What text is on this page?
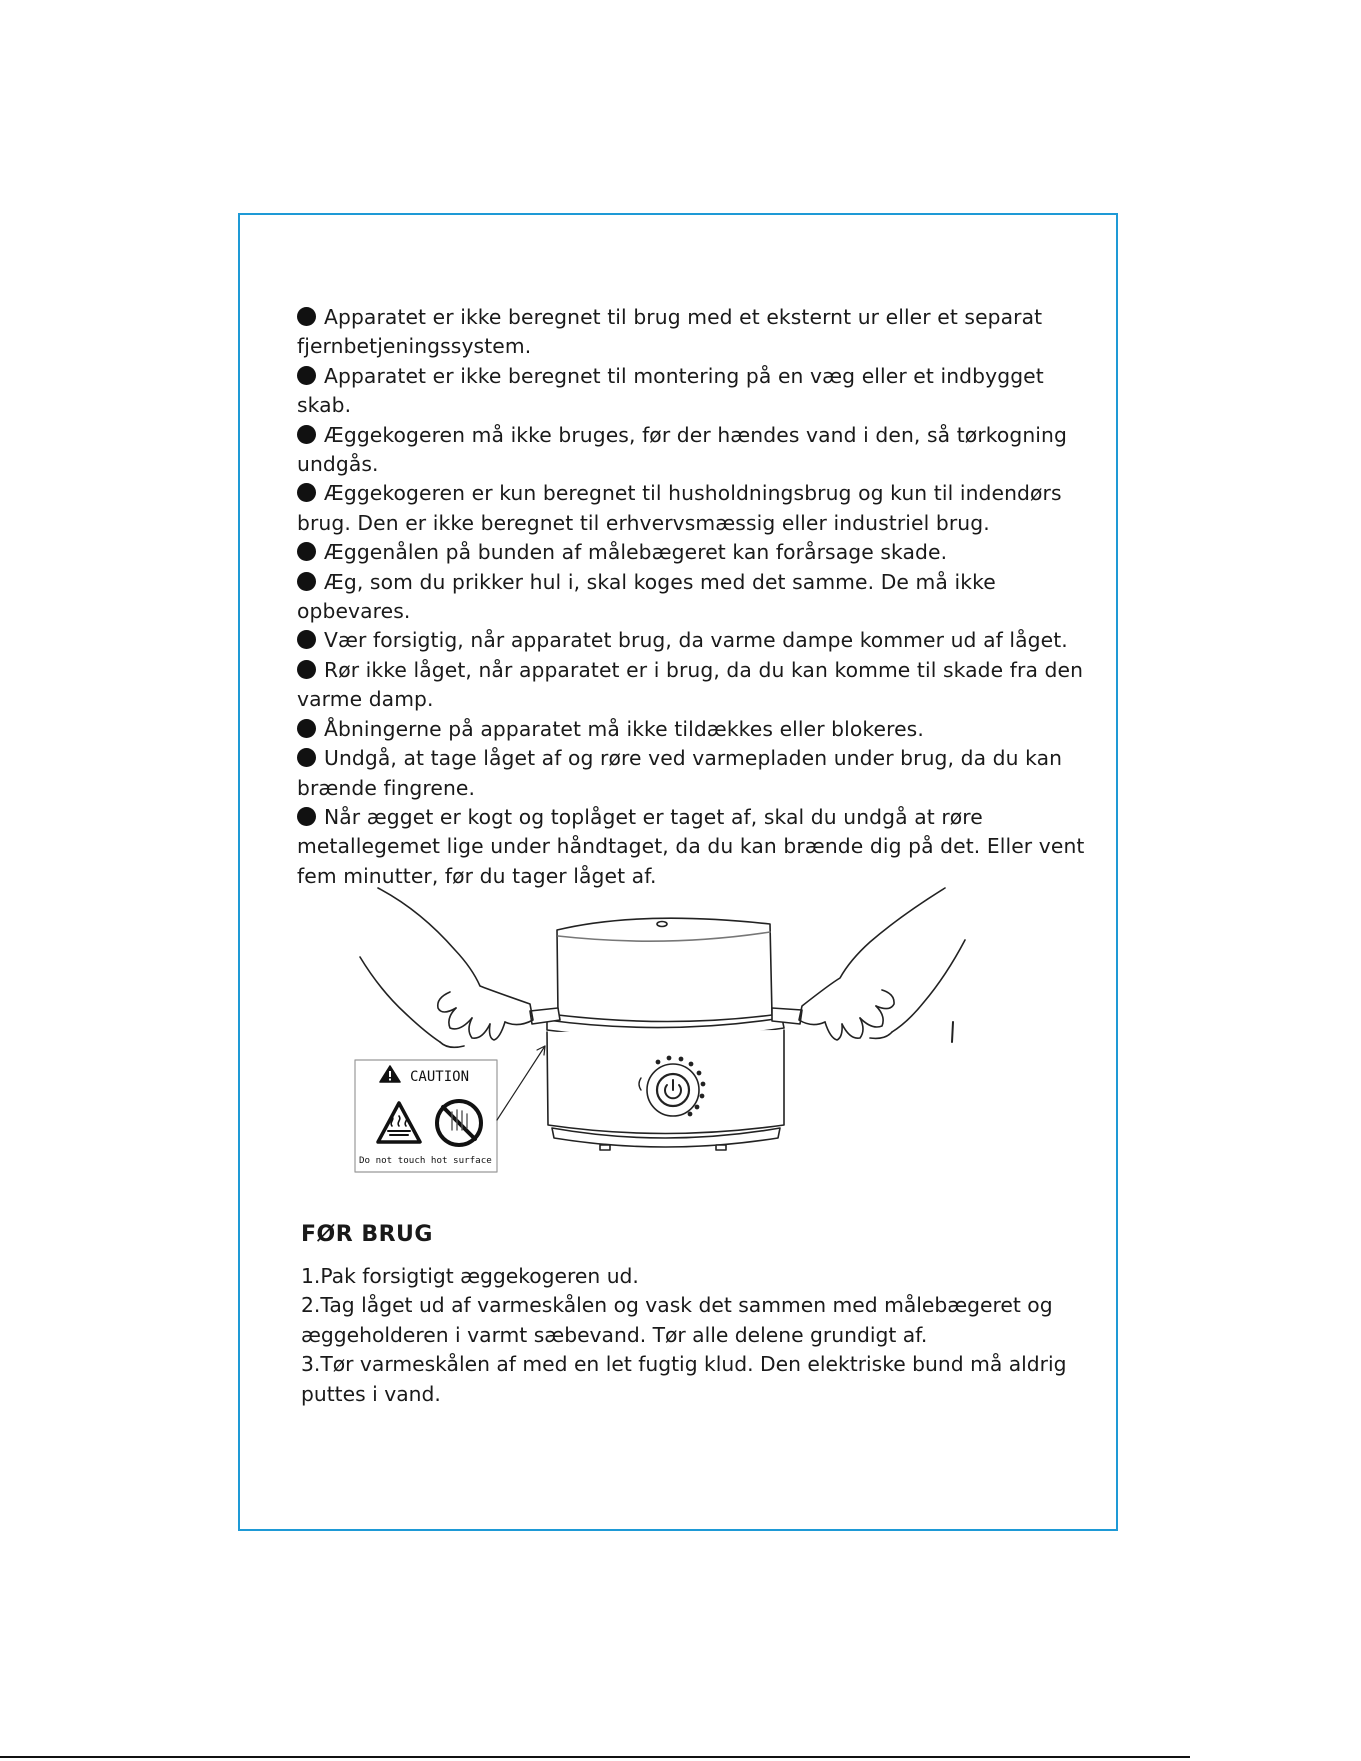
Apparatet er ikke beregnet til brug med et eksternt ur eller et separat fjernbetjeningssystem.
Apparatet er ikke beregnet til montering på en væg eller et indbygget skab.
Æggekogeren må ikke bruges, før der hændes vand i den, så tørkogning undgås.
Æggekogeren er kun beregnet til husholdningsbrug og kun til indendørs brug. Den er ikke beregnet til erhvervsmæssig eller industriel brug.
Æggenålen på bunden af målebægeret kan forårsage skade.
Æg, som du prikker hul i, skal koges med det samme. De må ikke opbevares.
Vær forsigtig, når apparatet brug, da varme dampe kommer ud af låget.
Rør ikke låget, når apparatet er i brug, da du kan komme til skade fra den varme damp.
Åbningerne på apparatet må ikke tildækkes eller blokeres.
Undgå, at tage låget af og røre ved varmepladen under brug, da du kan brænde fingrene.
Når ægget er kogt og toplåget er taget af, skal du undgå at røre metallegemet lige under håndtaget, da du kan brænde dig på det. Eller vent fem minutter, før du tager låget af.
CAUTION
Do not touch hot surface
FØR BRUG
1.Pak forsigtigt æggekogeren ud.
2.Tag låget ud af varmeskålen og vask det sammen med målebægeret og æggeholderen i varmt sæbevand. Tør alle delene grundigt af.
3.Tør varmeskålen af med en let fugtig klud. Den elektriske bund må aldrig puttes i vand.
